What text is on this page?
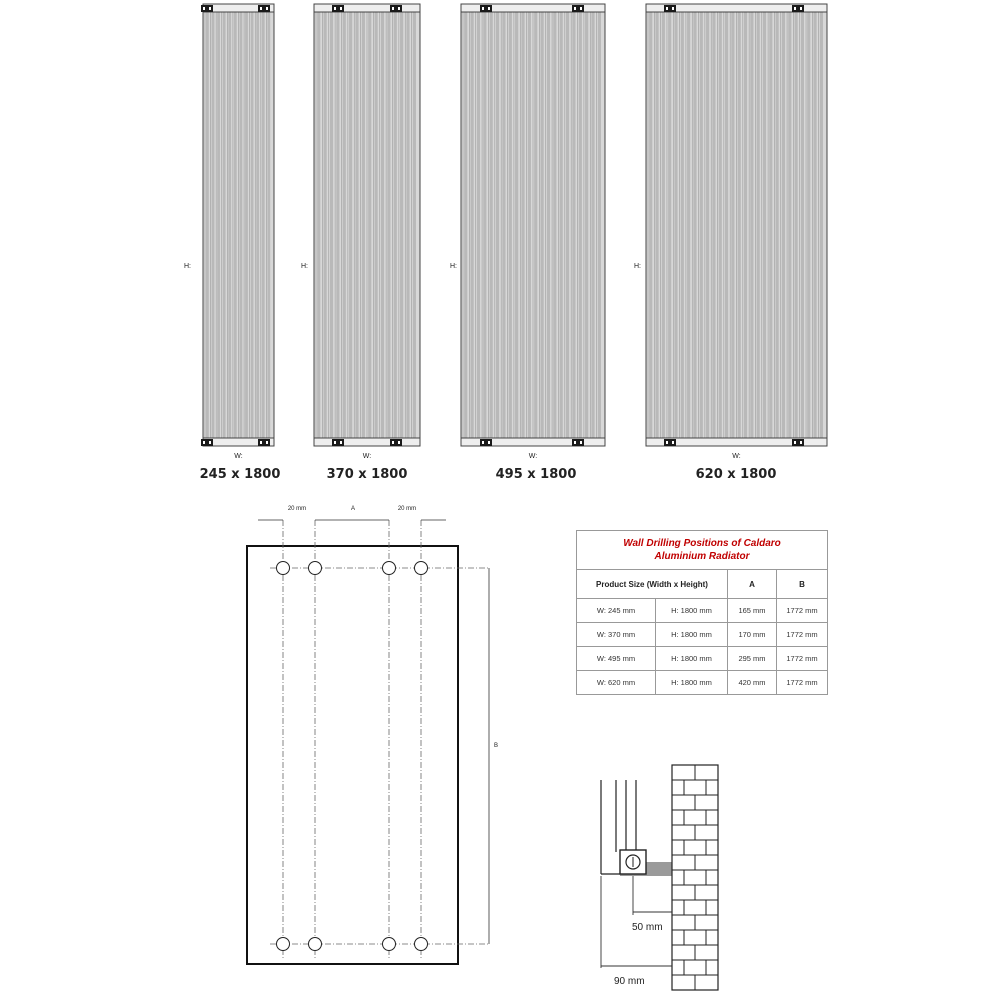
H:
W:
245 x 1800
H:
W:
370 x 1800
H:
W:
495 x 1800
H:
W:
620 x 1800
20 mm	A	20 mm
B
50 mm
90 mm
Wall Drilling Positions of Caldaro
Aluminium Radiator			
Product Size (Width x Height)		A	B
W: 245 mm	H: 1800 mm	165 mm	1772 mm
W: 370 mm	H: 1800 mm	170 mm	1772 mm
W: 495 mm	H: 1800 mm	295 mm	1772 mm
W: 620 mm	H: 1800 mm	420 mm	1772 mm
